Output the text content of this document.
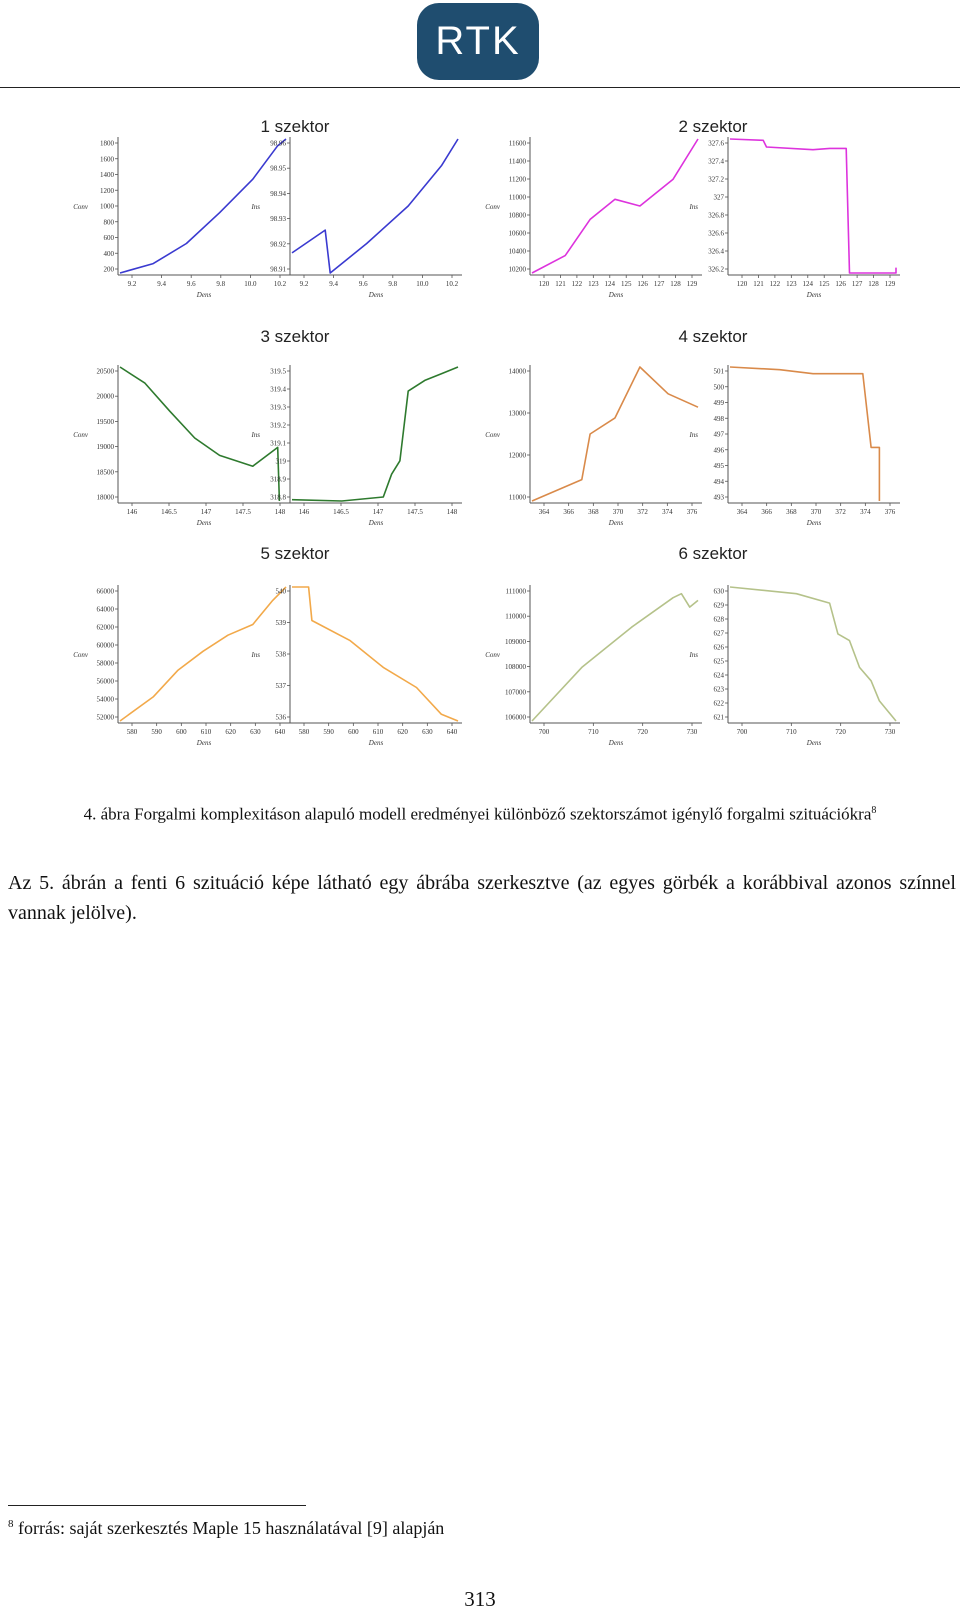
RTK
1 szektor
1800
1600
1400
1200
1000
800
600
400
200
9.2	9.4	9.6	9.8	10.0 10.2
Conv
Dens
98.96
98.95
98.94
98.93
98.92
98.91
9.2	9.4	9.6	9.8	10.0 10.2
Ins
Dens
2 szektor
11600
11400
11200
11000
10800
10600
10400
10200
120 121 122 123 124 125 126 127 128 129
Conv
Dens
327.6
327.4
327.2
327
326.8
326.6
326.4
326.2
120 121 122 123 124 125 126 127 128 129
Ins
Dens
3 szektor
20500
20000
19500
19000
18500
18000
146	146.5	147	147.5	148
Conv
Dens
319.5
319.4
319.3
319.2
319.1
319
318.9
318.8
146	146.5	147	147.5	148
Ins
Dens
4 szektor
14000
13000
12000
11000
364 366 368 370 372 374 376
Conv
Dens
501
500
499
498
497
496
495
494
493
364 366 368 370 372 374 376
Ins
Dens
5 szektor
66000
64000
62000
60000
58000
56000
54000
52000
580 590 600 610 620 630 640
Conv
Dens
540
539
538
537
536
580 590 600 610 620 630 640
Ins
Dens
6 szektor
111000
110000
109000
108000
107000
106000
700	710	720	730
Conv
Dens
630
629
628
627
626
625
624
623
622
621
700	710	720	730
Ins
Dens
4. ábra Forgalmi komplexitáson alapuló modell eredményei különböző szektorszámot igénylő forgalmi szituációkra$^8$
Az 5. ábrán a fenti 6 szituáció képe látható egy ábrába szerkesztve (az egyes görbék a korábbival azonos színnel vannak jelölve).
$^8$ forrás: saját szerkesztés Maple 15 használatával [9] alapján
313
